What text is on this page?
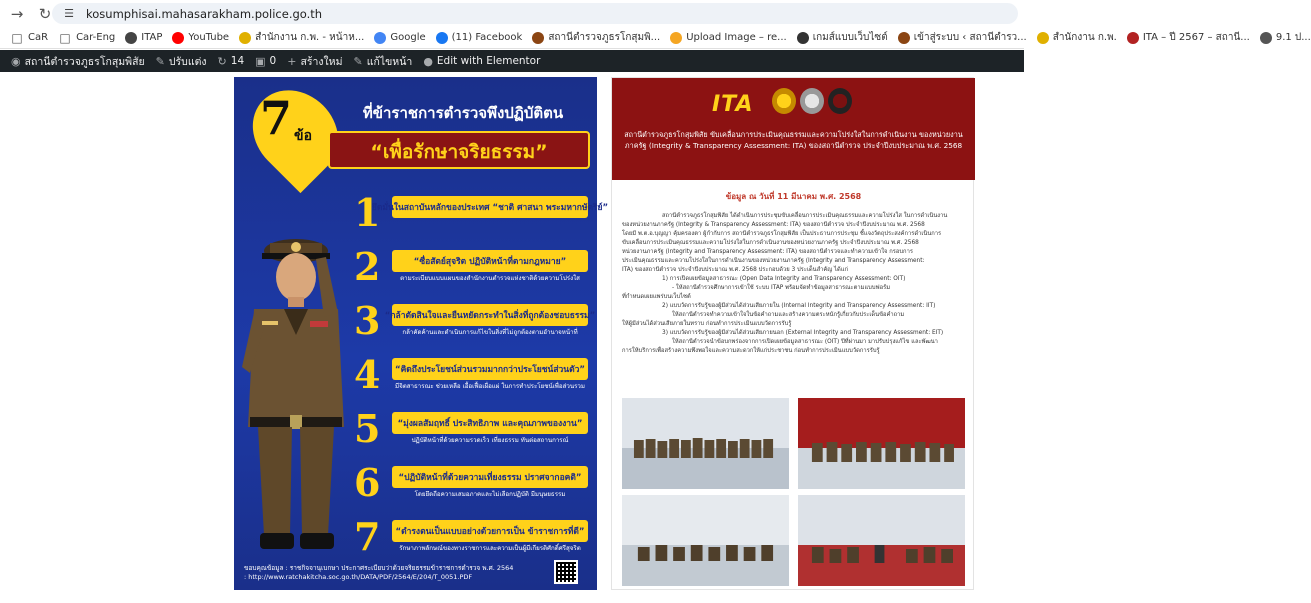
→	↻	☰	kosumphisai.mahasarakham.police.go.th
□ CaR □ Car-Eng	ITAP	YouTube	สำนักงาน ก.พ. - หน้าห...	Google	(11) Facebook	สถานีตำรวจภูธรโกสุมพิ...	Upload Image – re...	เกมส์แบบเว็บไซต์	เข้าสู่ระบบ ‹ สถานีตำรว...	สำนักงาน ก.พ.	ITA – ปี 2567 – สถานี...	9.1 ป...
◉ สถานีตำรวจภูธรโกสุมพิสัย ✎ ปรับแต่ง ↻ 14 ▣ 0 + สร้างใหม่ ✎ แก้ไขหน้า ● Edit with Elementor
7 ข้อ
ที่ข้าราชการตำรวจพึงปฏิบัติตน
“เพื่อรักษาจริยธรรม”
1
ยึดมั่นในสถาบันหลักของประเทศ “ชาติ ศาสนา พระมหากษัตริย์”
2	“ซื่อสัตย์สุจริต ปฏิบัติหน้าที่ตามกฎหมาย”
ตามระเบียบแบบแผนของสำนักงานตำรวจแห่งชาติด้วยความโปร่งใส
3 “กล้าตัดสินใจและยืนหยัดกระทำในสิ่งที่ถูกต้องชอบธรรม”
กล้าคัดค้านและดำเนินการแก้ไขในสิ่งที่ไม่ถูกต้องตามอำนาจหน้าที่
4 “คิดถึงประโยชน์ส่วนรวมมากกว่าประโยชน์ส่วนตัว”
มีจิตสาธารณะ ช่วยเหลือ เอื้อเฟื้อเผื่อแผ่ ในการทำประโยชน์เพื่อส่วนรวม
5 “มุ่งผลสัมฤทธิ์ ประสิทธิภาพ และคุณภาพของงาน”
ปฏิบัติหน้าที่ด้วยความรวดเร็ว เที่ยงธรรม ทันต่อสถานการณ์
6 “ปฏิบัติหน้าที่ด้วยความเที่ยงธรรม ปราศจากอคติ”
โดยยึดถือความเสมอภาคและไม่เลือกปฏิบัติ มีมนุษยธรรม
7 “ดำรงตนเป็นแบบอย่างด้วยการเป็น ข้าราชการที่ดี”
รักษาภาพลักษณ์ของทางราชการและความเป็นผู้มีเกียรติศักดิ์ศรีสุจริต
ขอบคุณข้อมูล : ราชกิจจานุเบกษา ประกาศระเบียบว่าด้วยจริยธรรมข้าราชการตำรวจ พ.ศ. 2564
: http://www.ratchakitcha.soc.go.th/DATA/PDF/2564/E/204/T_0051.PDF
ITA
สถานีตำรวจภูธรโกสุมพิสัย ขับเคลื่อนการประเมินคุณธรรมและความโปร่งใสในการดำเนินงาน ของหน่วยงานภาครัฐ (Integrity & Transparency Assessment: ITA) ของสถานีตำรวจ ประจำปีงบประมาณ พ.ศ. 2568
ข้อมูล ณ วันที่ 11 มีนาคม พ.ศ. 2568

สถานีตำรวจภูธรโกสุมพิสัย ได้ดำเนินการประชุมขับเคลื่อนการประเมินคุณธรรมและความโปร่งใส ในการดำเนินงาน

ของหน่วยงานภาครัฐ (Integrity & Transparency Assessment: ITA) ของสถานีตำรวจ ประจำปีงบประมาณ พ.ศ. 2568

โดยมี พ.ต.อ.บุญญา คุ้มครองตา ผู้กำกับการ สถานีตำรวจภูธรโกสุมพิสัย เป็นประธานการประชุม ชี้แจงวัตถุประสงค์การดำเนินการ

ขับเคลื่อนการประเมินคุณธรรมและความโปร่งใสในการดำเนินงานของหน่วยงานภาครัฐ ประจำปีงบประมาณ พ.ศ. 2568

หน่วยงานภาครัฐ (Integrity and Transparency Assessment: ITA) ของสถานีตำรวจและทำความเข้าใจ กรอบการ

ประเมินคุณธรรมและความโปร่งใสในการดำเนินงานของหน่วยงานภาครัฐ (Integrity and Transparency Assessment:

ITA) ของสถานีตำรวจ ประจำปีงบประมาณ พ.ศ. 2568 ประกอบด้วย 3 ประเด็นสำคัญ ได้แก่

1) การเปิดเผยข้อมูลสาธารณะ (Open Data Integrity and Transparency Assessment: OIT)

- ให้สถานีตำรวจศึกษาการเข้าใช้ ระบบ ITAP พร้อมจัดทำข้อมูลสาธารณะตามแบบฟอร์ม

ที่กำหนดเผยแพร่บนเว็บไซต์

2) แบบวัดการรับรู้ของผู้มีส่วนได้ส่วนเสียภายใน (Internal Integrity and Transparency Assessment: IIT)

ให้สถานีตำรวจทำความเข้าใจในข้อคำถามและสร้างความตระหนักรู้เกี่ยวกับประเด็นข้อคำถาม

ให้ผู้มีส่วนได้ส่วนเสียภายในทราบ ก่อนทำการประเมินแบบวัดการรับรู้

3) แบบวัดการรับรู้ของผู้มีส่วนได้ส่วนเสียภายนอก (External Integrity and Transparency Assessment: EIT)

ให้สถานีตำรวจนำข้อบกพร่องจากการเปิดเผยข้อมูลสาธารณะ (OIT) ปีที่ผ่านมา มาปรับปรุงแก้ไข และพัฒนา

การให้บริการเพื่อสร้างความพึงพอใจและความสะดวกให้แก่ประชาชน ก่อนทำการประเมินแบบวัดการรับรู้
